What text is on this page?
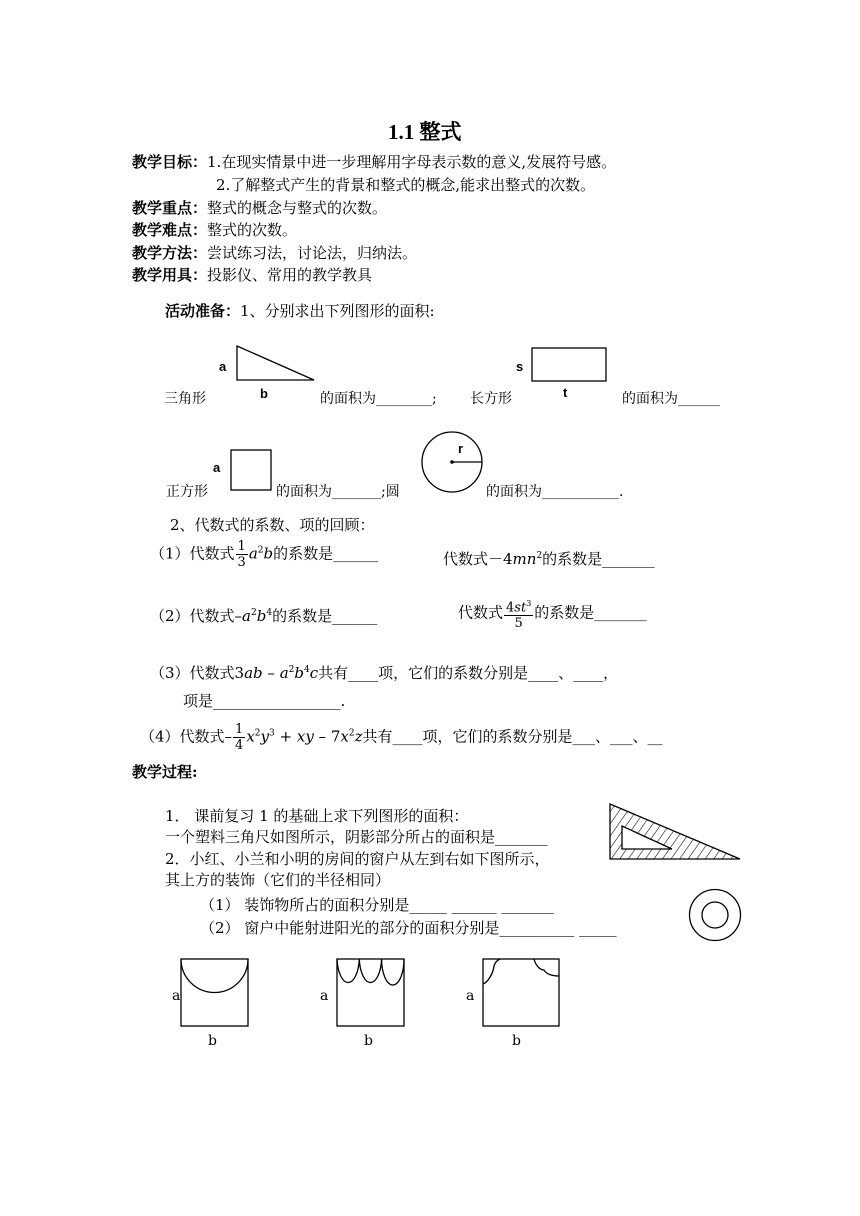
1.1 整式
教学目标：1.在现实情景中进一步理解用字母表示数的意义,发展符号感。
2.了解整式产生的背景和整式的概念,能求出整式的次数。
教学重点：整式的概念与整式的次数。
教学难点：整式的次数。
教学方法：尝试练习法，讨论法，归纳法。
教学用具：投影仪、常用的教学教具
活动准备：1、分别求出下列图形的面积:
a
b
三角形	的面积为________; 长方形
s
t	的面积为______
a
正方形	的面积为_______;圆
r
的面积为___________.
2、代数式的系数、项的回顾：
（1）代数式 $\frac{1}{3} a^2b$的系数是______	代数式$-4mn^2$的系数是_______
（2）代数式$-a^2b^4$的系数是______	代数式 $\frac{4st^3}{5}$ 的系数是_______
（3）代数式$3ab - a^2b^4c$共有____项，它们的系数分别是____、____，
项是_________________.
（4）代数式– $\frac{1}{4} x^2y^3$ + xy – $7x^2z$共有____项，它们的系数分别是___、___、__
教学过程:
1． 课前复习 1 的基础上求下列图形的面积：
一个塑料三角尺如图所示，阴影部分所占的面积是_______
2．小红、小兰和小明的房间的窗户从左到右如下图所示，
其上方的装饰（它们的半径相同）
（1） 装饰物所占的面积分别是_____ ______ _______
（2） 窗户中能射进阳光的部分的面积分别是__________ _____
a
b
a
b
a
b
